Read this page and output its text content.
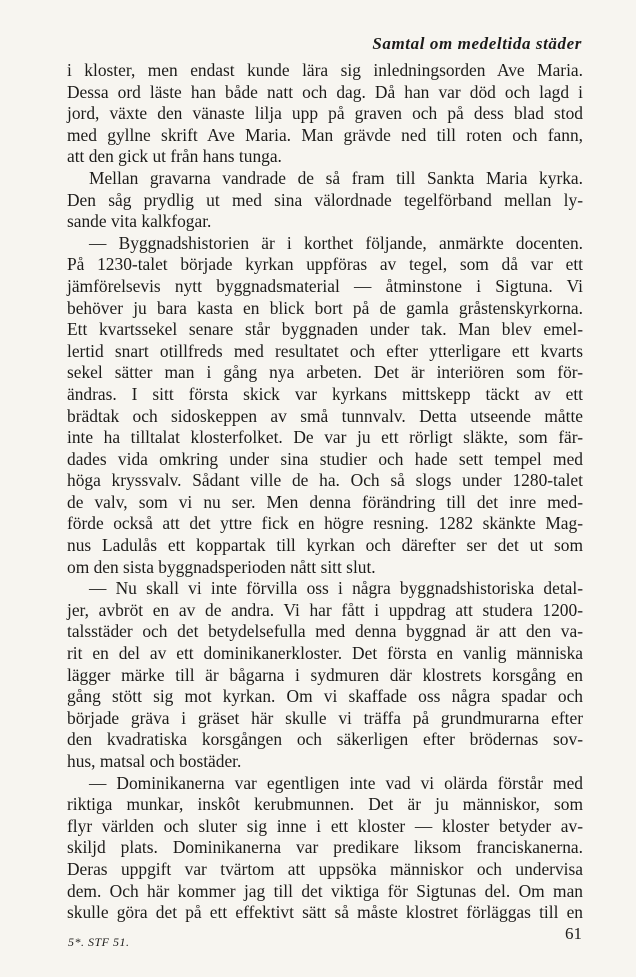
Samtal om medeltida städer
i kloster, men endast kunde lära sig inledningsorden Ave Maria.
Dessa ord läste han både natt och dag. Då han var död och lagd i
jord, växte den vänaste lilja upp på graven och på dess blad stod
med gyllne skrift Ave Maria. Man grävde ned till roten och fann,
att den gick ut från hans tunga.
Mellan gravarna vandrade de så fram till Sankta Maria kyrka.
Den såg prydlig ut med sina välordnade tegelförband mellan ly-
sande vita kalkfogar.
— Byggnadshistorien är i korthet följande, anmärkte docenten.
På 1230-talet började kyrkan uppföras av tegel, som då var ett
jämförelsevis nytt byggnadsmaterial — åtminstone i Sigtuna. Vi
behöver ju bara kasta en blick bort på de gamla gråstenskyrkorna.
Ett kvartssekel senare står byggnaden under tak. Man blev emel-
lertid snart otillfreds med resultatet och efter ytterligare ett kvarts
sekel sätter man i gång nya arbeten. Det är interiören som för-
ändras. I sitt första skick var kyrkans mittskepp täckt av ett
brädtak och sidoskeppen av små tunnvalv. Detta utseende måtte
inte ha tilltalat klosterfolket. De var ju ett rörligt släkte, som fär-
dades vida omkring under sina studier och hade sett tempel med
höga kryssvalv. Sådant ville de ha. Och så slogs under 1280-talet
de valv, som vi nu ser. Men denna förändring till det inre med-
förde också att det yttre fick en högre resning. 1282 skänkte Mag-
nus Ladulås ett koppartak till kyrkan och därefter ser det ut som
om den sista byggnadsperioden nått sitt slut.
— Nu skall vi inte förvilla oss i några byggnadshistoriska detal-
jer, avbröt en av de andra. Vi har fått i uppdrag att studera 1200-
talsstäder och det betydelsefulla med denna byggnad är att den va-
rit en del av ett dominikanerkloster. Det första en vanlig människa
lägger märke till är bågarna i sydmuren där klostrets korsgång en
gång stött sig mot kyrkan. Om vi skaffade oss några spadar och
började gräva i gräset här skulle vi träffa på grundmurarna efter
den kvadratiska korsgången och säkerligen efter brödernas sov-
hus, matsal och bostäder.
— Dominikanerna var egentligen inte vad vi olärda förstår med
riktiga munkar, inskôt kerubmunnen. Det är ju människor, som
flyr världen och sluter sig inne i ett kloster — kloster betyder av-
skiljd plats. Dominikanerna var predikare liksom franciskanerna.
Deras uppgift var tvärtom att uppsöka människor och undervisa
dem. Och här kommer jag till det viktiga för Sigtunas del. Om man
skulle göra det på ett effektivt sätt så måste klostret förläggas till en
5*. STF 51.	61
